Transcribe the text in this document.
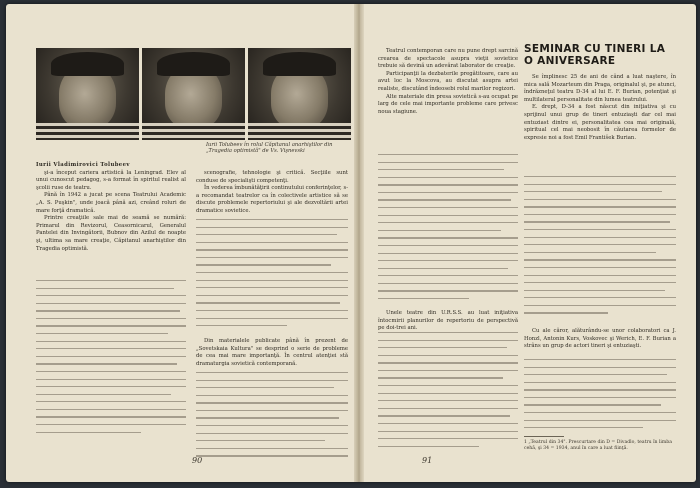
Iurii Tolubeev în rolul Căpitanul anarhiştilor din „Tragedia optimistă" de Vs. Vişnevski

Iurii Vladimirovici Tolubeev

şi-a început cariera artistică la Leningrad. Elev al unui cunoscut pedagog, s-a format în spiritul realist al şcolii ruse de teatru.

Până în 1942 a jucat pe scena Teatrului Academic „A. S. Puşkin", unde joacă până azi, creând roluri de mare forţă dramatică.

Printre creaţiile sale mai de seamă se numără: Primarul din Revizorul, Ceasornicarul, Generalul Pantelei din Invingătorii, Bubnov din Azilul de noapte şi, ultima sa mare creaţie, Căpitanul anarhiştilor din Tragedia optimistă.

scenografie, tehnologie şi critică. Secţiile sunt conduse de specialişti competenţi.

În vederea îmbunătăţirii continutului conferinţelor, s-a recomandat teatrelor ca în colectivele artistice să se discute problemele repertoriului şi ale dezvoltării artei dramatice sovietice.

Din materialele publicate până în prezent de „Sovetskaia Kultura" se desprind o serie de probleme de cea mai mare importanţă. În centrul atenţiei stă dramaturgia sovietică contemporană.

90

Teatrul contemporan care nu pune drept sarcină crearea de spectacole asupra vieţii sovietice trebuie să devină un adevărat laborator de creaţie.

Participanţii la dezbaterile pregătitoare, care au avut loc la Moscova, au discutat asupra artei realiste, discutând îndeosebi rolul marilor regizori.

Alte materiale din presa sovietică s-au ocupat pe larg de cele mai importante probleme care privesc noua stagiune.

Unele teatre din U.R.S.S. au luat iniţiativa întocmirii planurilor de repertoriu de perspectivă pe doi-trei ani.

SEMINAR CU TINERI LA O ANIVERSARE

Se împlinesc 25 de ani de când a luat naştere, în mica sală Mozarteum din Praga, originalul şi, pe atunci, îndrăzneţul teatru D-34 al lui E. F. Burian, potenţiat şi multilateral personalitate din lumea teatrului.

E. drept, D-34 a fost născut din iniţiativa şi cu sprijinul unui grup de tineri entuziaşti dar cel mai entuziast dintre ei, personalitatea cea mai originală, spiritual cel mai neobosit în căutarea formelor de expresie noi a fost Emil František Burian.

Cu ale căror, alăturându-se unor colaboratori ca J. Honzl, Antonin Kurs, Voskovec şi Werich, E. F. Burian a strâns un grup de actori tineri şi entuziaşti.

1 „Teatrul din 34". Prescurtare din D = Divadlo, teatru în limba cehă, şi 34 = 1934, anul în care a luat fiinţă.
91
